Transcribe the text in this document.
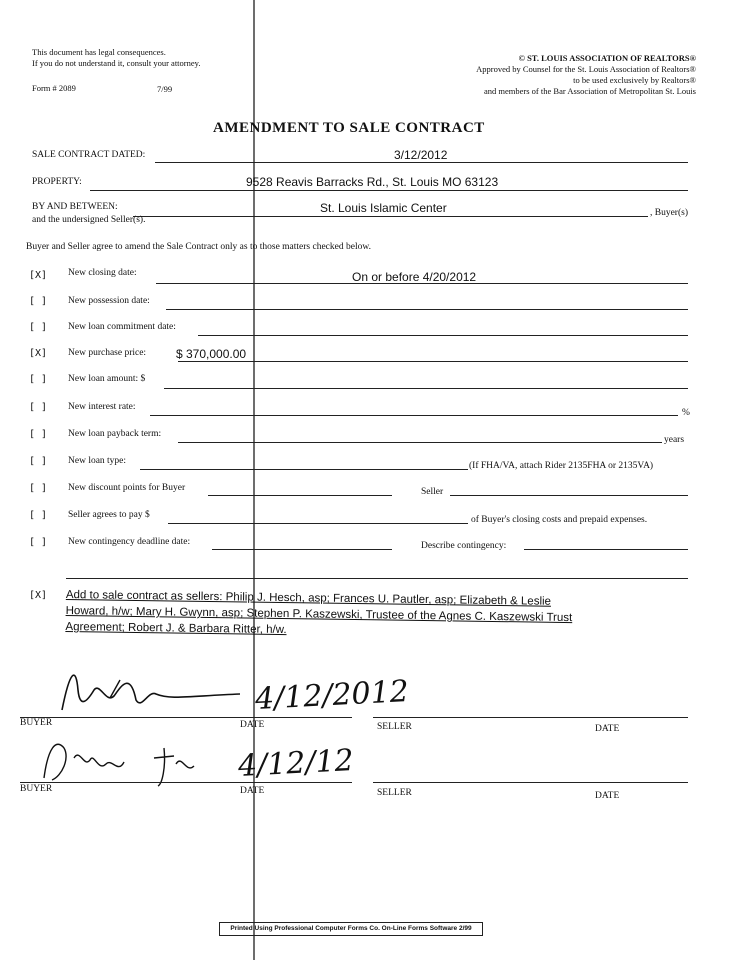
This document has legal consequences.
If you do not understand it, consult your attorney.
Form # 2089	7/99
© ST. LOUIS ASSOCIATION OF REALTORS®
Approved by Counsel for the St. Louis Association of Realtors®
to be used exclusively by Realtors®
and members of the Bar Association of Metropolitan St. Louis
AMENDMENT TO SALE CONTRACT
SALE CONTRACT DATED:	3/12/2012
PROPERTY:	9528 Reavis Barracks Rd., St. Louis MO 63123
BY AND BETWEEN:	St. Louis Islamic Center	, Buyer(s)
and the undersigned Seller(s).
Buyer and Seller agree to amend the Sale Contract only as to those matters checked below.
[X] New closing date:	On or before 4/20/2012
[ ] New possession date:
[ ] New loan commitment date:
[X] New purchase price: $ 370,000.00
[ ] New loan amount: $
[ ] New interest rate:
%
[ ] New loan payback term:
years
[ ] New loan type:	(If FHA/VA, attach Rider 2135FHA or 2135VA)
[ ] New discount points for Buyer	Seller
[ ] Seller agrees to pay $	of Buyer's closing costs and prepaid expenses.
[ ] New contingency deadline date:	Describe contingency:
[X] Add to sale contract as sellers: Philip J. Hesch, asp; Frances U. Pautler, asp; Elizabeth & Leslie
Howard, h/w; Mary H. Gwynn, asp; Stephen P. Kaszewski, Trustee of the Agnes C. Kaszewski Trust
Agreement; Robert J. & Barbara Ritter, h/w.
4/12/2012
BUYER	DATE	SELLER	DATE
4/12/12
BUYER	DATE	SELLER	DATE
Printed Using Professional Computer Forms Co. On-Line Forms Software 2/99
